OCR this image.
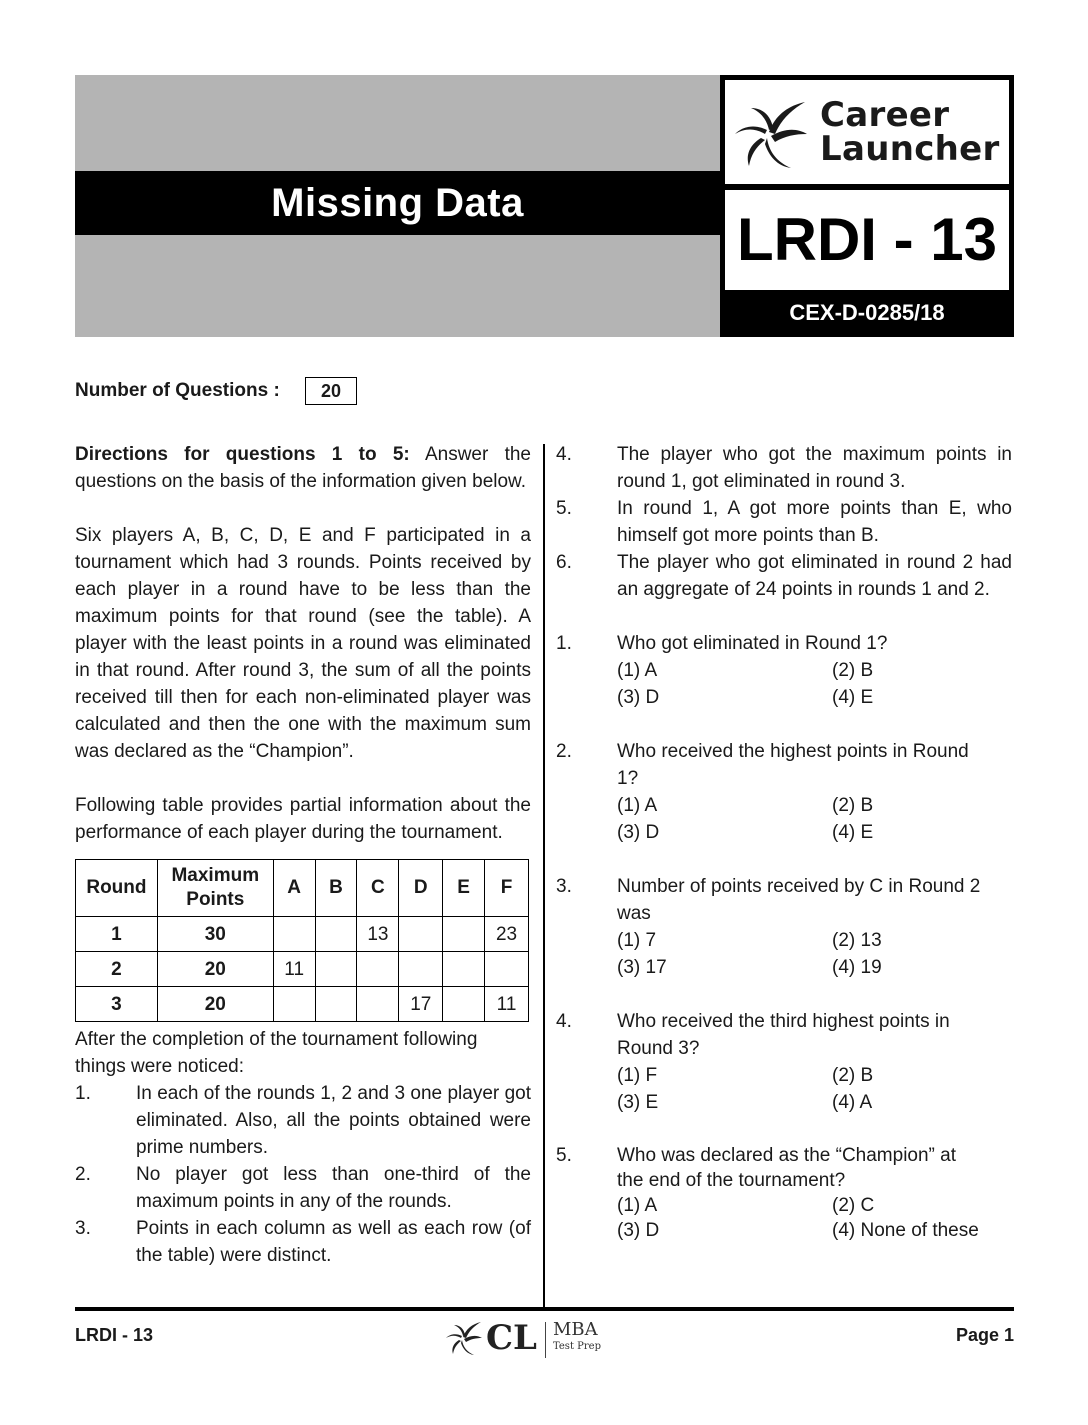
Missing Data
Career
Launcher
LRDI - 13
CEX-D-0285/18
Number of Questions :	20

Directions for questions 1 to 5: Answer the questions on the basis of the information given below.

Six players A, B, C, D, E and F participated in a tournament which had 3 rounds. Points received by each player in a round have to be less than the maximum points for that round (see the table). A player with the least points in a round was eliminated in that round. After round 3, the sum of all the points received till then for each non-eliminated player was calculated and then the one with the maximum sum was declared as the “Champion”.

Following table provides partial information about the performance of each player during the tournament.

Round	Maximum Points	A	B	C	D	E	F
1	30			13			23
2	20	11					
3	20				17		11

After the completion of the tournament following things were noticed:

1. In each of the rounds 1, 2 and 3 one player got eliminated. Also, all the points obtained were prime numbers.
2. No player got less than one-third of the maximum points in any of the rounds.
3. Points in each column as well as each row (of the table) were distinct.
4. The player who got the maximum points in round 1, got eliminated in round 3.
5. In round 1, A got more points than E, who himself got more points than B.
6. The player who got eliminated in round 2 had an aggregate of 24 points in rounds 1 and 2.
1. Who got eliminated in Round 1?
(1) A	(2) B
(3) D	(4) E
2. Who received the highest points in Round 1?
(1) A	(2) B
(3) D	(4) E
3. Number of points received by C in Round 2 was
(1) 7	(2) 13
(3) 17	(4) 19
4. Who received the third highest points in Round 3?
(1) F	(2) B
(3) E	(4) A
5. Who was declared as the “Champion” at the end of the tournament?
(1) A	(2) C
(3) D	(4) None of these
LRDI - 13	CL MBA
Test Prep
Page 1
